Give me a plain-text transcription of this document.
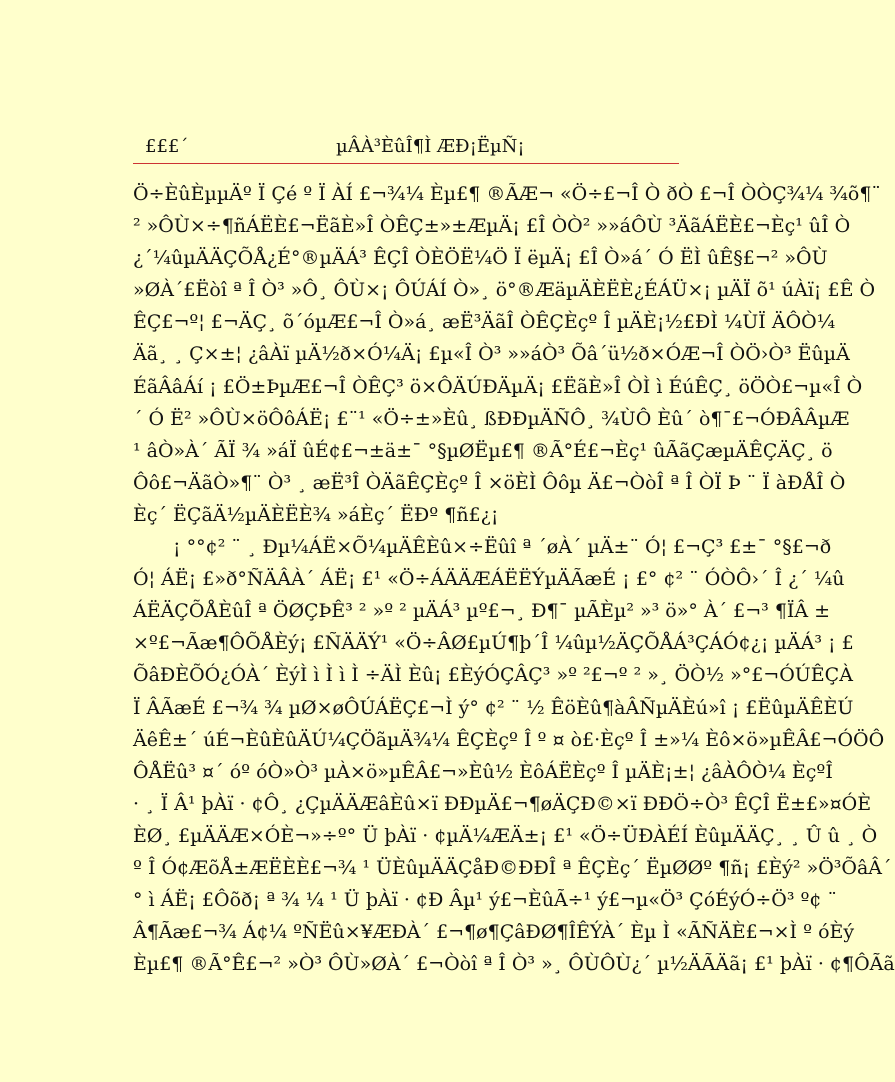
£££´	µÂÀ³ÈûÎ¶Ì ÆÐ¡ËµÑ¡
Ö÷ÈûÈµµÄº Ï Çé º Ï ÀÍ £¬¾¼ Èµ£¶ ®ÃÆ¬ «Ö÷£¬Î Ò ðÒ £¬Î ÒÒÇ¾¼ ¾õ¶¨
² »ÔÙ×÷¶ñÁËÈ£¬ËãÈ»Î ÒÊÇ±»±ÆµÄ¡ £Î ÒÒ² »»áÔÙ ³ÄãÁËÈ£¬Èç¹ ûÎ Ò
¿´¼ûµÄÄÇÕÅ¿É°®µÄÁ³ ÊÇÎ ÒÈÖË¼Ö Ï ëµÄ¡ £Î Ò»á´ Ó ËÌ ûÊ§£¬² »ÔÙ
»ØÀ´£Ëòî ª Î Ò³ »Ô¸ ÔÙ×¡ ÔÚÁÍ Ò»¸ ö°®ÆäµÄÈËÈ¿ÉÁÜ×¡ µÄÏ õ¹ úÀï¡ £Ê Ò
ÊÇ£¬º¦ £¬ÄÇ¸ õ´óµÆ£¬Î Ò»á¸ æË³ÄãÎ ÒÊÇÈçº Î µÄÈ¡½£ÐÌ ¼ÙÏ ÄÔÒ¼
Äã¸ ¸ Ç×±¦ ¿âÀï µÄ½ð×Ó¼Ä¡ £µ«Î Ò³ »»áÒ³ Õâ´ü½ð×ÓÆ¬Î ÒÖ›Ò³ ËûµÄ
ÉãÂâÁí ¡ £Ö±ÞµÆ£¬Î ÒÊÇ³ ö×ÔÄÚÐÄµÄ¡ £ËãÈ»Î ÒÌ ì ÉúÊÇ¸ öÖÒ£¬µ«Î Ò
´ Ó Ë² »ÔÙ×öÔôÁË¡ £¨¹ «Ö÷±»Èû¸ ßÐÐµÄÑÔ¸ ¾ÙÔ Èû´ ò¶¯£¬ÓÐÂÂµÆ
¹ âÒ»À´ ÃÏ ¾ »áÏ ûÉ¢£¬±ä±¯ °§µØËµ£¶ ®Ã°É£¬Èç¹ ûÃãÇæµÄÊÇÄÇ¸ ö
Ôô£¬ÄãÒ»¶¨ Ò³ ¸ æË³Î ÒÄãÊÇÈçº Î ×öÈÌ Ôôµ Ä£¬ÒòÎ ª Î ÒÏ Þ ¨ Ï àÐÅÎ Ò
Èç´ ËÇãÄ½µÄÈËÈ¾ »áÈç´ ËÐº ¶ñ£¿¡
¡ °°¢² ¨ ¸ Ðµ¼ÁË×Õ¼µÄÊÈû×÷Ëûî ª ´øÀ´ µÄ±¨ Ó¦ £¬Ç³ £±¯ °§£¬ð
Ó¦ ÁË¡ £»ð°ÑÄÂÀ´ ÁË¡ £¹ «Ö÷ÁÄÄÆÁËËÝµÄÃæÉ ¡ £° ¢² ¨ ÓÒÔ›´ Î ¿´ ¼û
ÁËÄÇÕÅÈûÎ ª ÖØÇÞÊ³ ² »º ² µÄÁ³ µº£¬¸ Ð¶¯ µÃÈµ² »³ ö»° À´ £¬³ ¶ÏÂ ±
×º£¬Ãæ¶ÔÕÅÈý¡ £ÑÄÄÝ¹ «Ö÷ÂØ£µÚ¶þ´Î ¼ûµ½ÄÇÕÅÁ³ÇÁÓ¢¿¡ µÄÁ³ ¡ £
ÕâÐÈÕÓ¿ÓÀ´ ÈýÌ ì Ì ì Ì ÷ÄÌ Èû¡ £ÈýÓÇÂÇ³ »º ²£¬º ² »¸ ÖÒ½ »°£¬ÓÚÊÇÀ
Ï ÂÃæÉ £¬¾ ¾ µØ×øÔÚÁËÇ£¬Ì ý° ¢² ¨ ½ ÊöÈû¶àÂÑµÄÈú»î ¡ £ËûµÄÊÈÚ
ÄêÊ±´ úÉ¬ÈûÈûÄÚ¼ÇÖãµÄ¾¼ ÊÇÈçº Î º ¤ ò£·Èçº Î ±»¼ Èô×ö»µÊÂ£¬ÓÖÔ
ÔÅËû³ ¤´ óº óÒ»Ò³ µÀ×ö»µÊÂ£¬»Èû½ ÈôÁËÈçº Î µÄÈ¡±¦ ¿âÀÔÒ¼ ÈçºÎ
· ¸ Ï Â¹ þÀï · ¢Ô¸ ¿ÇµÄÄÆâÈû×ï ÐÐµÄ£¬¶øÄÇÐ©×ï ÐÐÖ÷Ò³ ÊÇÎ Ë±£»¤ÓÈ
ÈØ¸ £µÄÄÆ×ÓÈ¬»÷º° Ü þÀï · ¢µÄ¼ÆÄ±¡ £¹ «Ö÷ÜÐÀÉÍ ÈûµÄÄÇ¸ ¸ Û û ¸ Ò
º Î Ó¢ÆõÅ±ÆËÈÈ£¬¾ ¹ ÜÈûµÄÄÇåÐ©ÐÐÎ ª ÊÇÈç´ ËµØØº ¶ñ¡ £Èý² »Ö³ÕâÂ´
° ì ÁË¡ £Ôõð¡ ª ¾ ¼ ¹ Ü þÀï · ¢Ð Âµ¹ ý£¬ÈûÃ÷¹ ý£¬µ«Ö³ ÇóÉýÓ÷Ö³ º¢ ¨
Â¶Ãæ£¬¾ Á¢¼ ºÑËû×¥ÆÐÀ´ £¬¶ø¶ÇâÐØ¶ÎÊÝÀ´ Èµ Ì «ÃÑÄÈ£¬×Ì º óÈý
Èµ£¶ ®Ã°Ê£¬² »Ò³ ÔÙ»ØÀ´ £¬Òòî ª Î Ò³ »¸ ÔÙÔÙ¿´ µ½ÄÃÄã¡ £¹ þÀï · ¢¶ÔÃã
